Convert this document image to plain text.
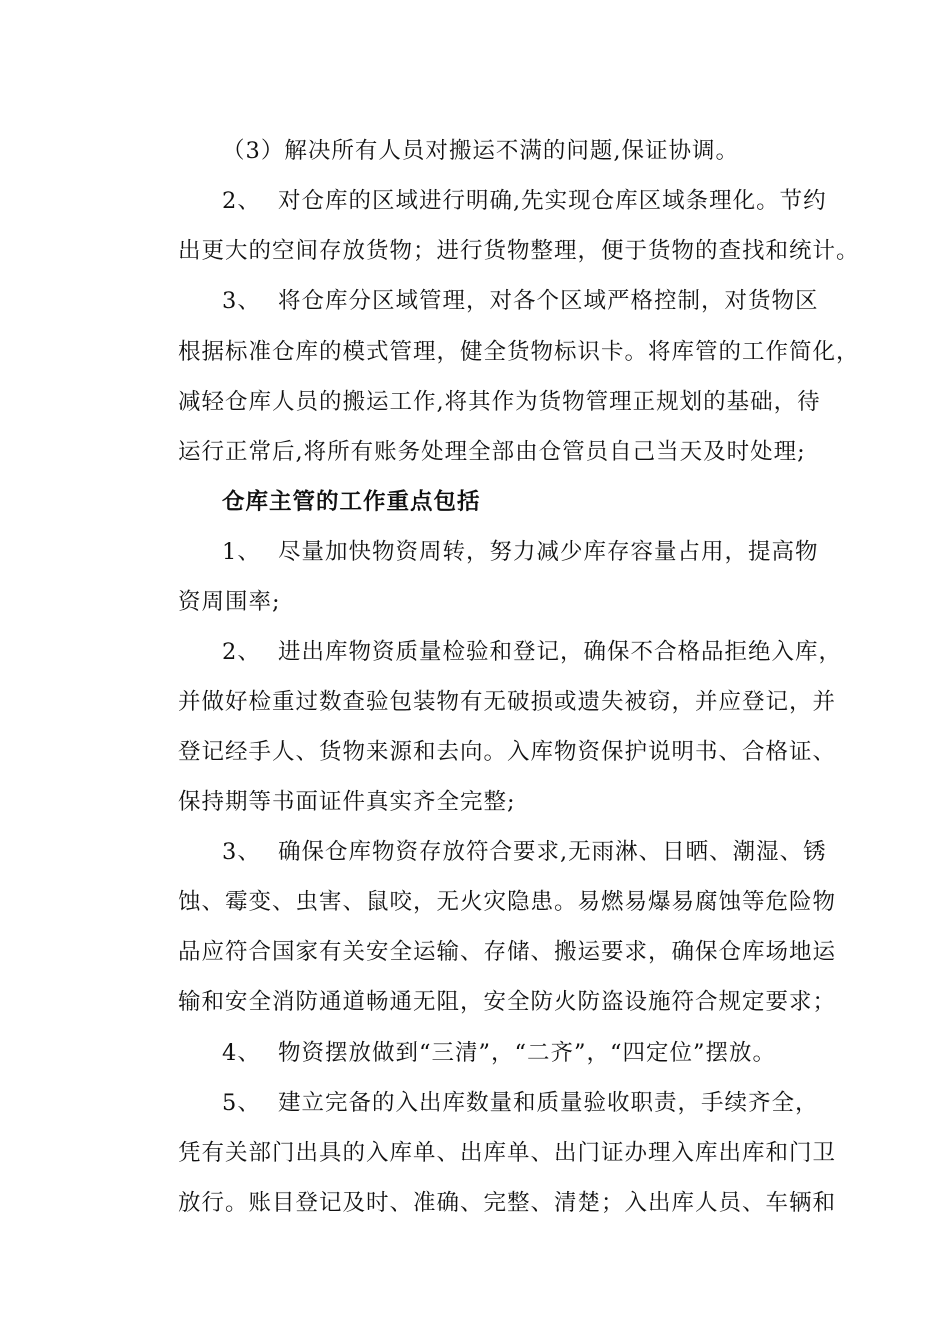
（3）解决所有人员对搬运不满的问题,保证协调。
2、 对仓库的区域进行明确,先实现仓库区域条理化。节约
出更大的空间存放货物；进行货物整理，便于货物的查找和统计。
3、 将仓库分区域管理，对各个区域严格控制，对货物区
根据标准仓库的模式管理，健全货物标识卡。将库管的工作简化，
减轻仓库人员的搬运工作,将其作为货物管理正规划的基础，待
运行正常后,将所有账务处理全部由仓管员自己当天及时处理;
仓库主管的工作重点包括
1、 尽量加快物资周转，努力减少库存容量占用，提高物
资周围率;
2、 进出库物资质量检验和登记，确保不合格品拒绝入库，
并做好检重过数查验包装物有无破损或遗失被窃，并应登记，并
登记经手人、货物来源和去向。入库物资保护说明书、合格证、
保持期等书面证件真实齐全完整;
3、 确保仓库物资存放符合要求,无雨淋、日晒、潮湿、锈
蚀、霉变、虫害、鼠咬，无火灾隐患。易燃易爆易腐蚀等危险物
品应符合国家有关安全运输、存储、搬运要求，确保仓库场地运
输和安全消防通道畅通无阻，安全防火防盗设施符合规定要求；
4、 物资摆放做到“三清”，“二齐”，“四定位”摆放。
5、 建立完备的入出库数量和质量验收职责，手续齐全，
凭有关部门出具的入库单、出库单、出门证办理入库出库和门卫
放行。账目登记及时、准确、完整、清楚；入出库人员、车辆和
